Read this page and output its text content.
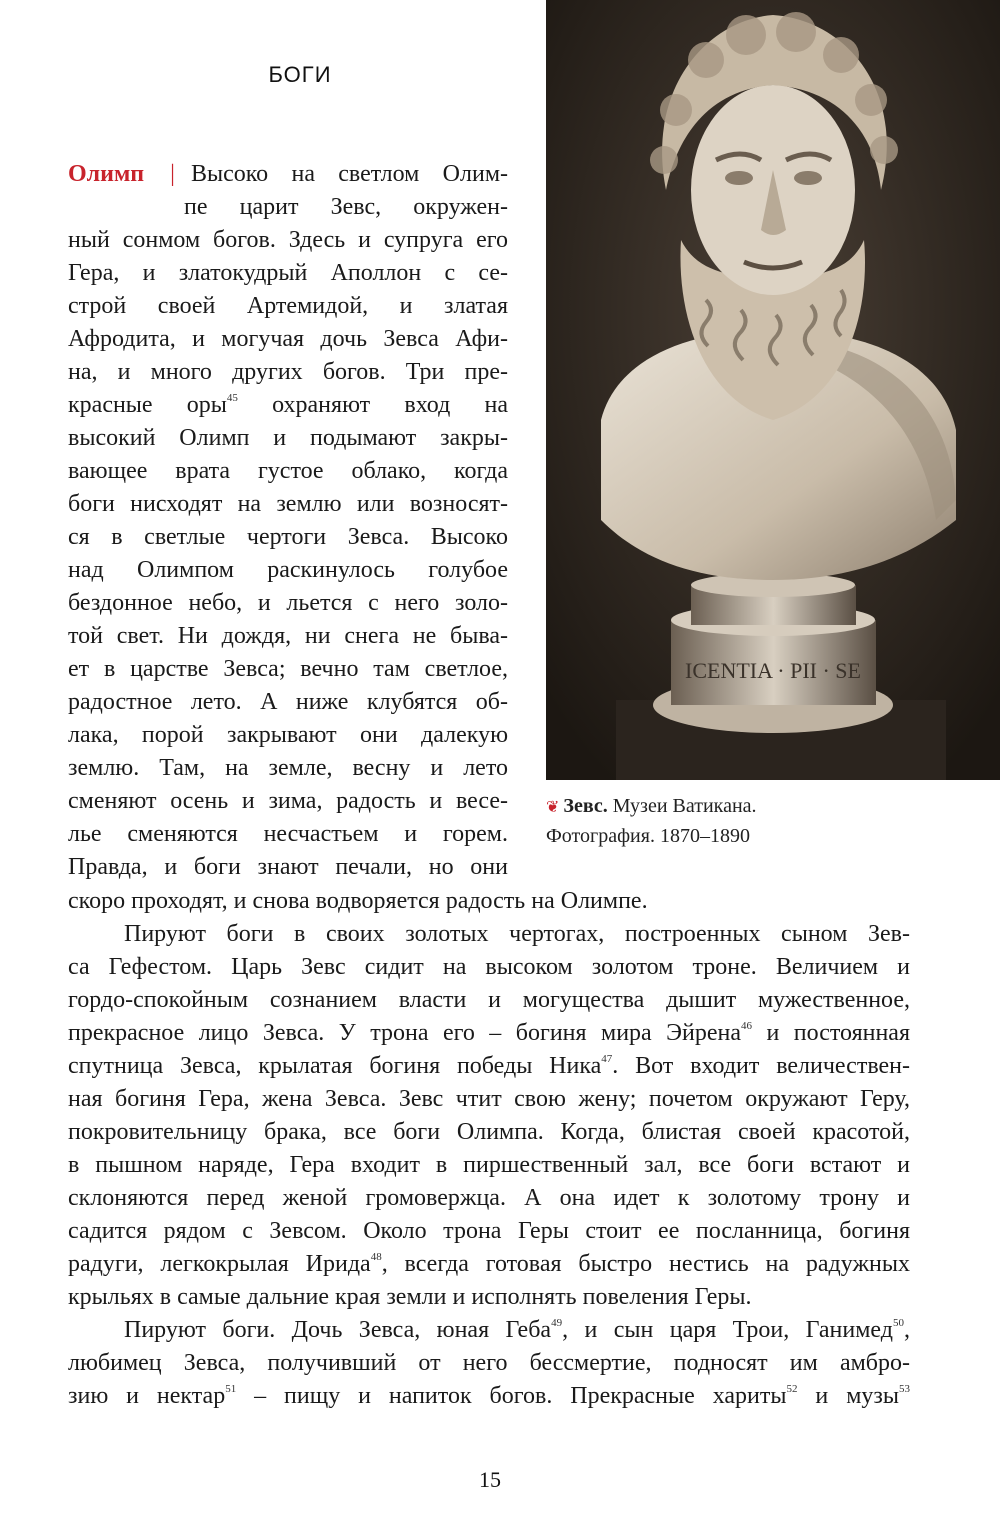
БОГИ
ICENTIA · PII · SE
❦ Зевс. Музеи Ватикана.
Фотография. 1870–1890
Олимп | Высоко на светлом Олим-
пе царит Зевс, окружен-
ный сонмом богов. Здесь и супруга его
Гера, и златокудрый Аполлон с се-
строй своей Артемидой, и златая
Афродита, и могучая дочь Зевса Афи-
на, и много других богов. Три пре-
красные оры$^{45}$ охраняют вход на
высокий Олимп и подымают закры-
вающее врата густое облако, когда
боги нисходят на землю или возносят-
ся в светлые чертоги Зевса. Высоко
над Олимпом раскинулось голубое
бездонное небо, и льется с него золо-
той свет. Ни дождя, ни снега не быва-
ет в царстве Зевса; вечно там светлое,
радостное лето. А ниже клубятся об-
лака, порой закрывают они далекую
землю. Там, на земле, весну и лето
сменяют осень и зима, радость и весе-
лье сменяются несчастьем и горем.
Правда, и боги знают печали, но они
скоро проходят, и снова водворяется радость на Олимпе.
Пируют боги в своих золотых чертогах, построенных сыном Зев-
са Гефестом. Царь Зевс сидит на высоком золотом троне. Величием и
гордо-спокойным сознанием власти и могущества дышит мужественное,
прекрасное лицо Зевса. У трона его – богиня мира Эйрена$^{46}$ и постоянная
спутница Зевса, крылатая богиня победы Ника$^{47}$. Вот входит величествен-
ная богиня Гера, жена Зевса. Зевс чтит свою жену; почетом окружают Геру,
покровительницу брака, все боги Олимпа. Когда, блистая своей красотой,
в пышном наряде, Гера входит в пиршественный зал, все боги встают и
склоняются перед женой громовержца. А она идет к золотому трону и
садится рядом с Зевсом. Около трона Геры стоит ее посланница, богиня
радуги, легкокрылая Ирида$^{48}$, всегда готовая быстро нестись на радужных
крыльях в самые дальние края земли и исполнять повеления Геры.
Пируют боги. Дочь Зевса, юная Геба$^{49}$, и сын царя Трои, Ганимед$^{50}$,
любимец Зевса, получивший от него бессмертие, подносят им амбро-
зию и нектар$^{51}$ – пищу и напиток богов. Прекрасные хариты$^{52}$ и музы$^{53}$
15
